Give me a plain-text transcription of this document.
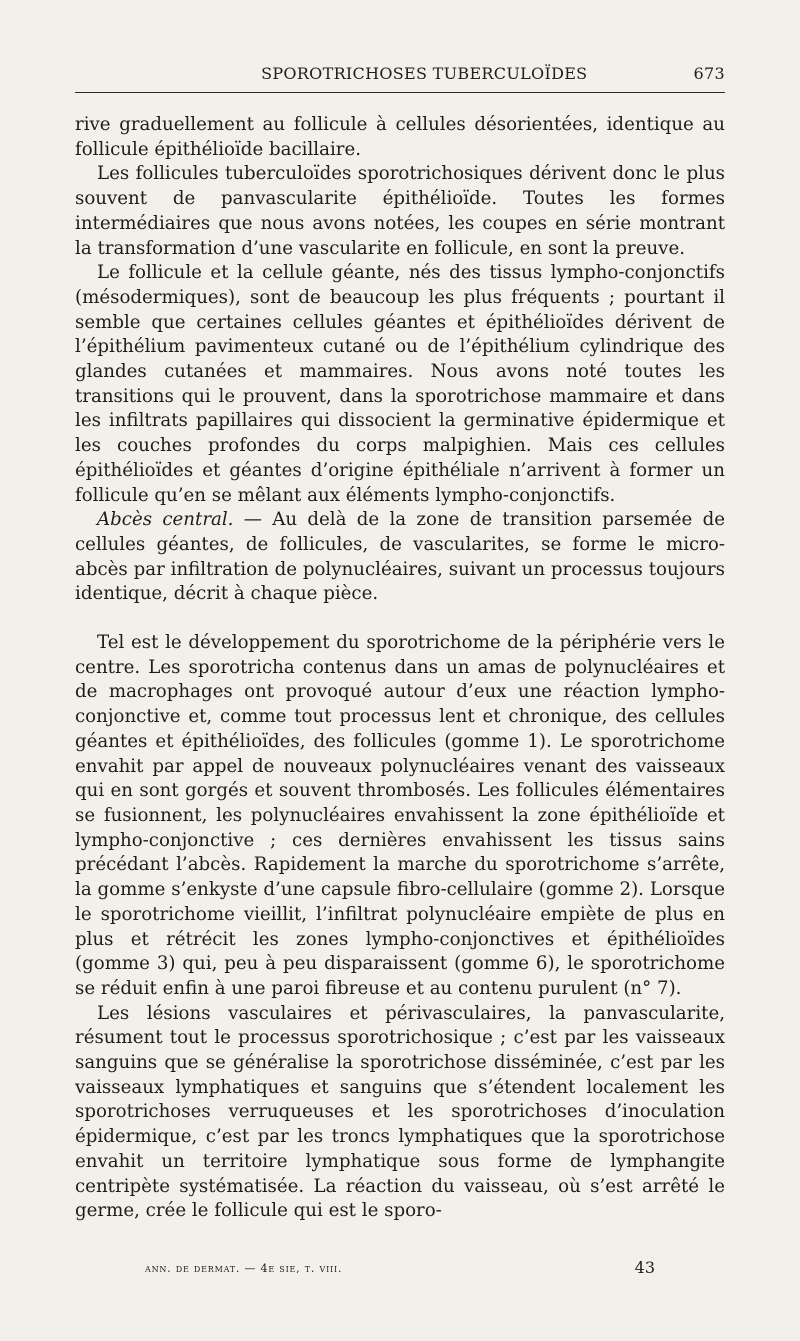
SPOROTRICHOSES TUBERCULOÏDES	673

rive graduellement au follicule à cellules désorientées, identique au follicule épithélioïde bacillaire.

Les follicules tuberculoïdes sporotrichosiques dérivent donc le plus souvent de panvascularite épithélioïde. Toutes les formes intermédiaires que nous avons notées, les coupes en série montrant la transformation d’une vascularite en follicule, en sont la preuve.

Le follicule et la cellule géante, nés des tissus lympho-conjonctifs (mésodermiques), sont de beaucoup les plus fréquents ; pourtant il semble que certaines cellules géantes et épithélioïdes dérivent de l’épithélium pavimenteux cutané ou de l’épithélium cylindrique des glandes cutanées et mammaires. Nous avons noté toutes les transitions qui le prouvent, dans la sporotrichose mammaire et dans les infiltrats papillaires qui dissocient la germinative épidermique et les couches profondes du corps malpighien. Mais ces cellules épithélioïdes et géantes d’origine épithéliale n’arrivent à former un follicule qu’en se mêlant aux éléments lympho-conjonctifs.

Abcès central. — Au delà de la zone de transition parsemée de cellules géantes, de follicules, de vascularites, se forme le micro-abcès par infiltration de polynucléaires, suivant un processus toujours identique, décrit à chaque pièce.

Tel est le développement du sporotrichome de la périphérie vers le centre. Les sporotricha contenus dans un amas de polynucléaires et de macrophages ont provoqué autour d’eux une réaction lympho-conjonctive et, comme tout processus lent et chronique, des cellules géantes et épithélioïdes, des follicules (gomme 1). Le sporotrichome envahit par appel de nouveaux polynucléaires venant des vaisseaux qui en sont gorgés et souvent thrombosés. Les follicules élémentaires se fusionnent, les polynucléaires envahissent la zone épithélioïde et lympho-conjonctive ; ces dernières envahissent les tissus sains précédant l’abcès. Rapidement la marche du sporotrichome s’arrête, la gomme s’enkyste d’une capsule fibro-cellulaire (gomme 2). Lorsque le sporotrichome vieillit, l’infiltrat polynucléaire empiète de plus en plus et rétrécit les zones lympho-conjonctives et épithélioïdes (gomme 3) qui, peu à peu disparaissent (gomme 6), le sporotrichome se réduit enfin à une paroi fibreuse et au contenu purulent (n° 7).

Les lésions vasculaires et périvasculaires, la panvascularite, résument tout le processus sporotrichosique ; c’est par les vaisseaux sanguins que se généralise la sporotrichose disséminée, c’est par les vaisseaux lymphatiques et sanguins que s’étendent localement les sporotrichoses verruqueuses et les sporotrichoses d’inoculation épidermique, c’est par les troncs lymphatiques que la sporotrichose envahit un territoire lymphatique sous forme de lymphangite centripète systématisée. La réaction du vaisseau, où s’est arrêté le germe, crée le follicule qui est le sporo-

ann. de dermat. — 4e sie, t. viii.	43
